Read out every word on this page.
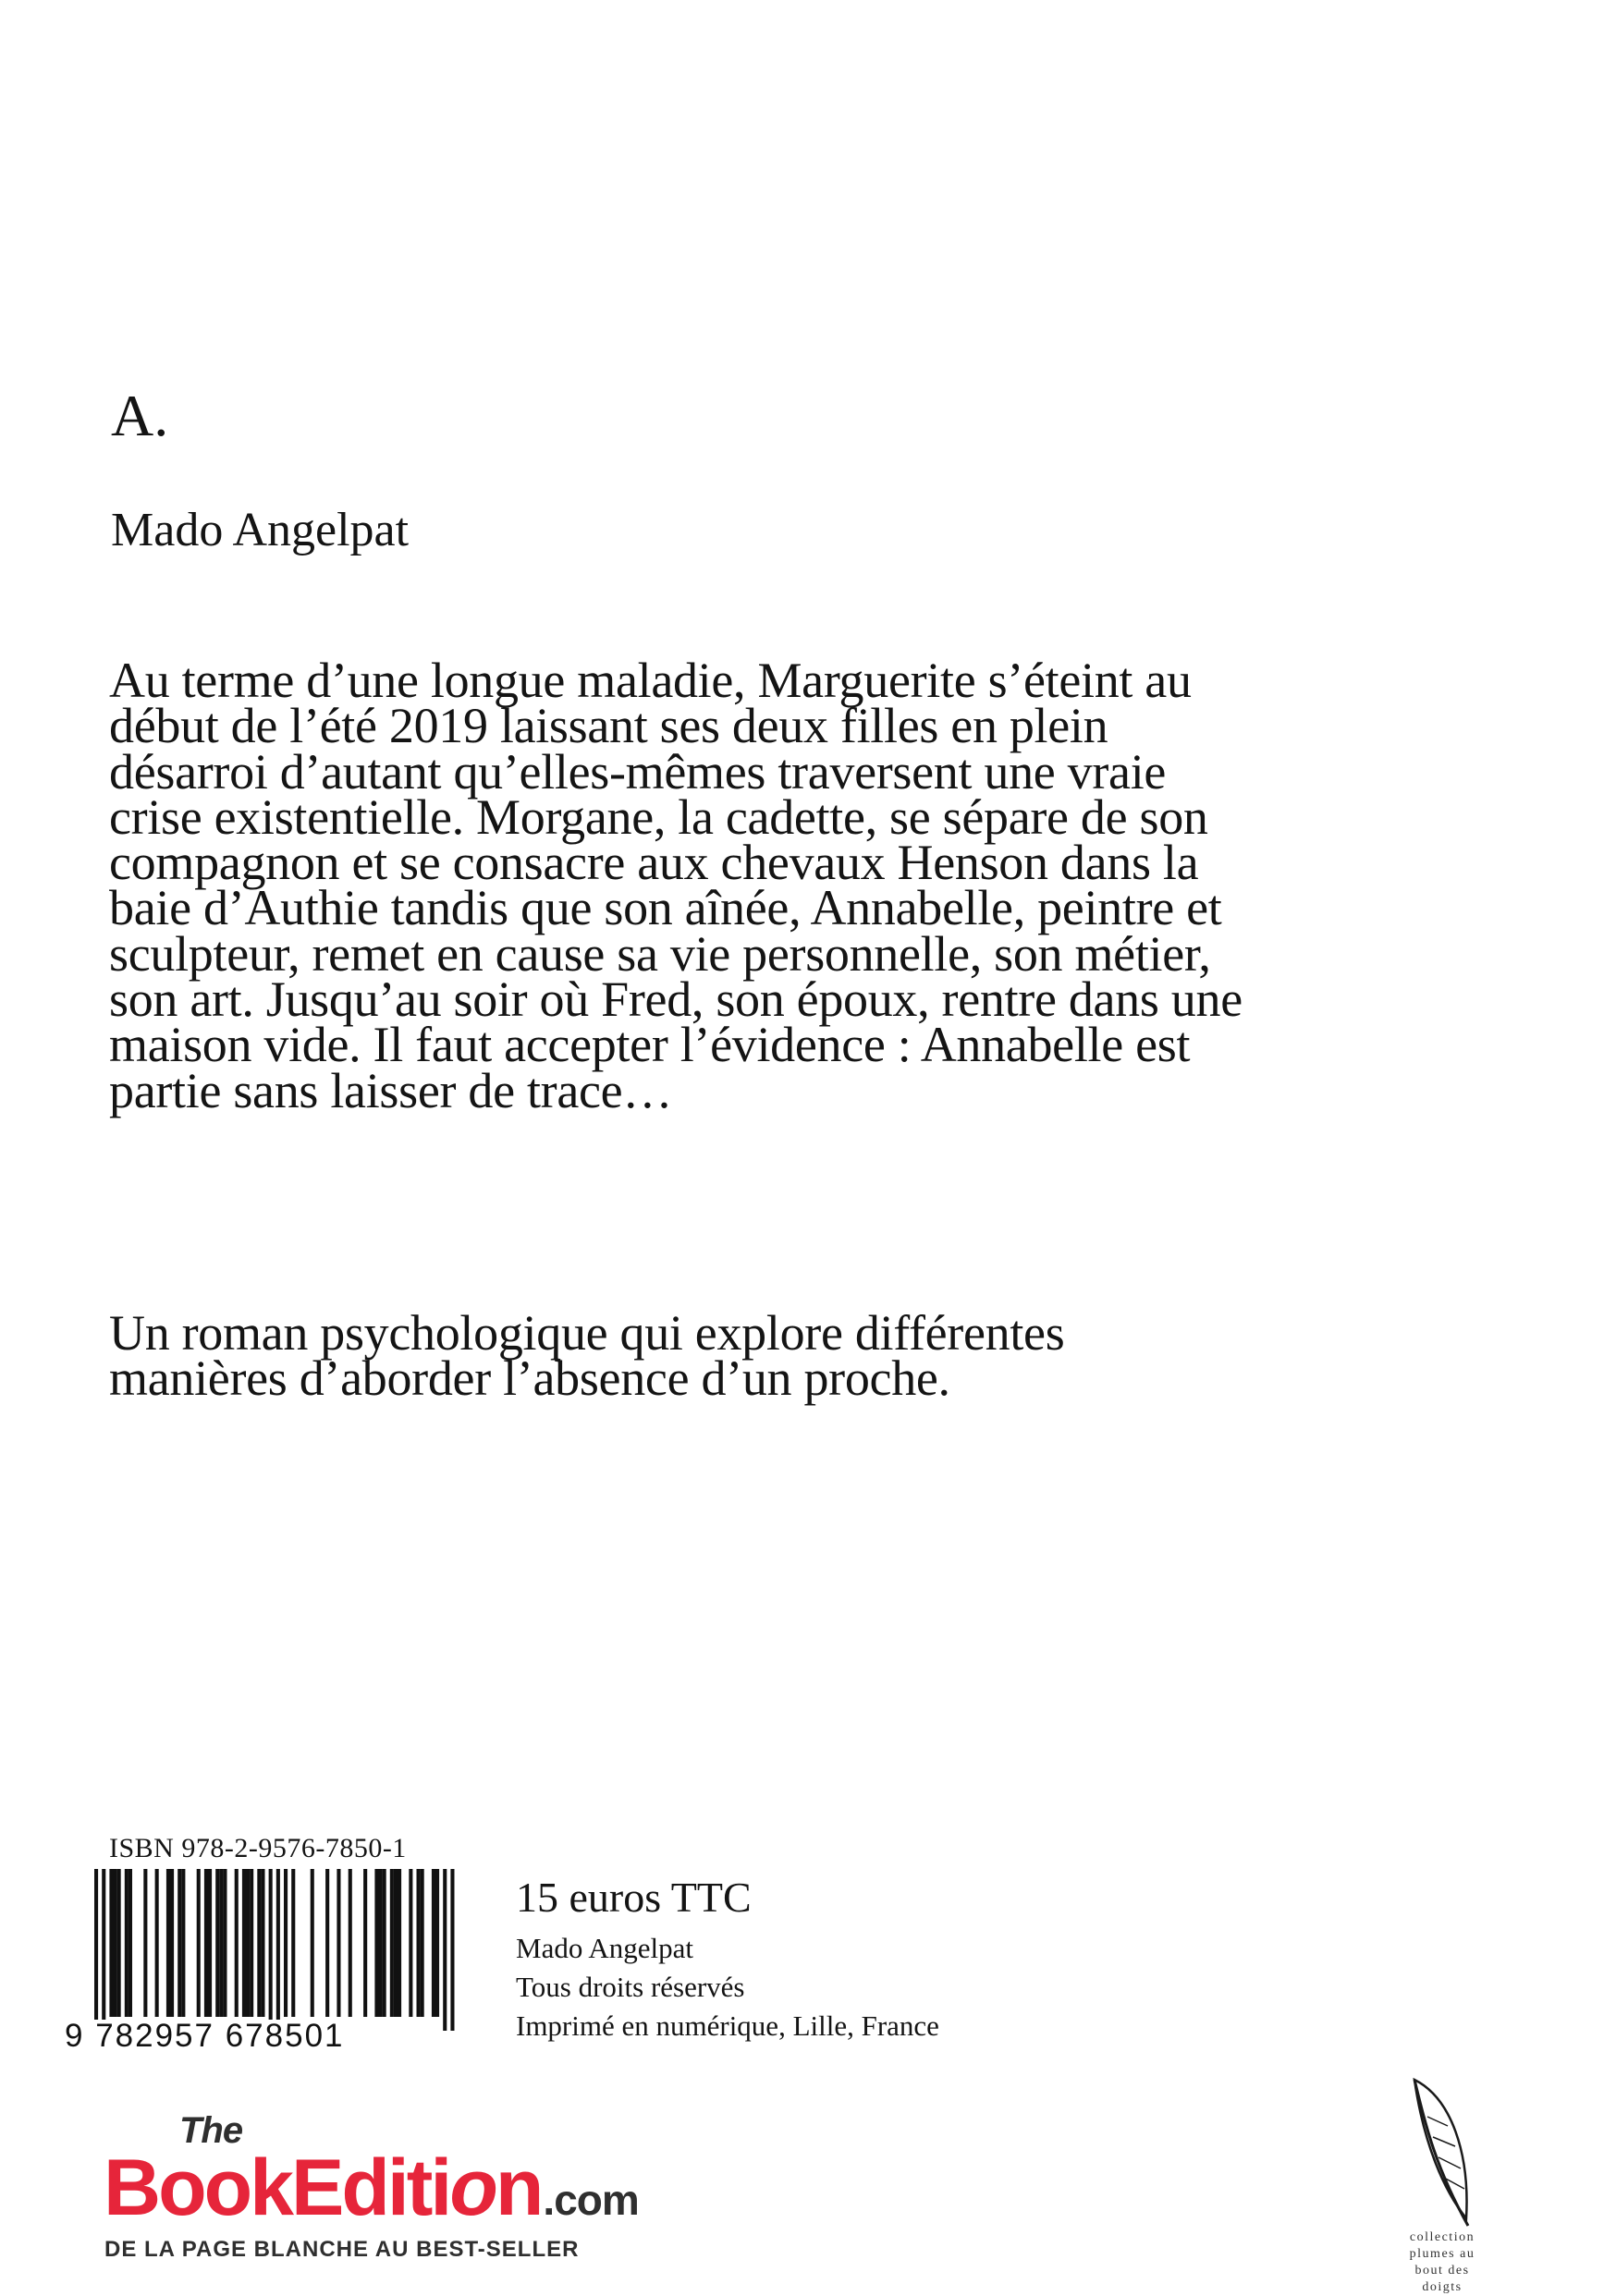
A.
Mado Angelpat
Au terme d’une longue maladie, Marguerite s’éteint au début de l’été 2019 laissant ses deux filles en plein désarroi d’autant qu’elles-mêmes traversent une vraie crise existentielle. Morgane, la cadette, se sépare de son compagnon et se consacre aux chevaux Henson dans la baie d’Authie tandis que son aînée, Annabelle, peintre et sculpteur, remet en cause sa vie personnelle, son métier, son art. Jusqu’au soir où Fred, son époux, rentre dans une maison vide. Il faut accepter l’évidence : Annabelle est partie sans laisser de trace…
Un roman psychologique qui explore différentes manières d’aborder l’absence d’un proche.
ISBN 978-2-9576-7850-1
9 782957 678501
15 euros TTC
Mado Angelpat
Tous droits réservés
Imprimé en numérique, Lille, France
The
BookEdition.com
DE LA PAGE BLANCHE AU BEST-SELLER	collection
plumes au
bout des
doigts
